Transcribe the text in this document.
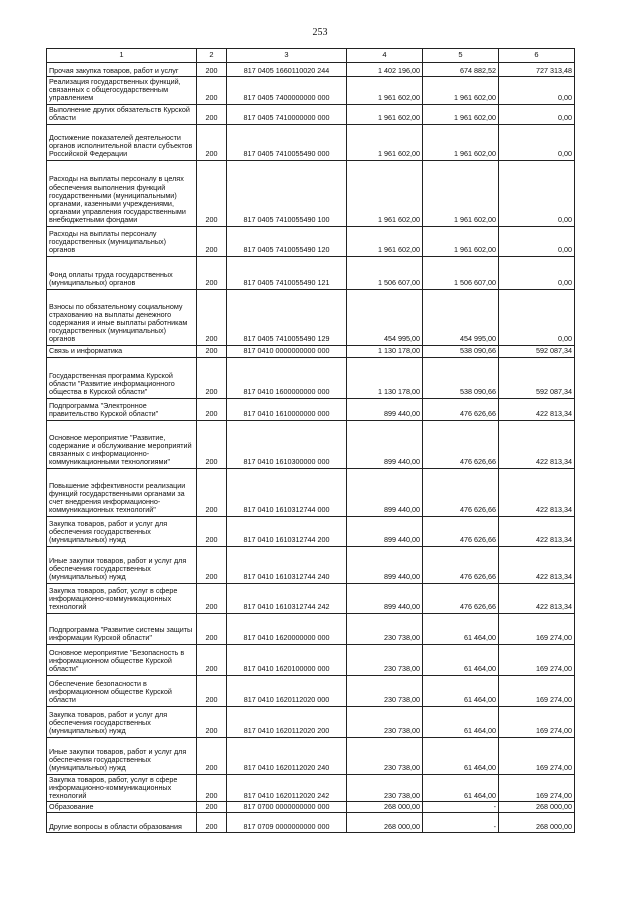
253
1	2	3	4	5	6
Прочая закупка товаров, работ и услуг	200	817 0405 1660110020 244	1 402 196,00	674 882,52	727 313,48
Реализация государственных функций, связанных с общегосударственным управлением	200	817 0405 7400000000 000	1 961 602,00	1 961 602,00	0,00
Выполнение других обязательств Курской области	200	817 0405 7410000000 000	1 961 602,00	1 961 602,00	0,00
Достижение показателей деятельности органов исполнительной власти субъектов Российской Федерации	200	817 0405 7410055490 000	1 961 602,00	1 961 602,00	0,00
Расходы на выплаты персоналу в целях обеспечения выполнения функций государственными (муниципальными) органами, казенными учреждениями, органами управления государственными внебюджетными фондами	200	817 0405 7410055490 100	1 961 602,00	1 961 602,00	0,00
Расходы на выплаты персоналу государственных (муниципальных) органов	200	817 0405 7410055490 120	1 961 602,00	1 961 602,00	0,00
Фонд оплаты труда государственных (муниципальных) органов	200	817 0405 7410055490 121	1 506 607,00	1 506 607,00	0,00
Взносы по обязательному социальному страхованию на выплаты денежного содержания и иные выплаты работникам государственных (муниципальных) органов	200	817 0405 7410055490 129	454 995,00	454 995,00	0,00
Связь и информатика	200	817 0410 0000000000 000	1 130 178,00	538 090,66	592 087,34
Государственная программа Курской области "Развитие информационного общества в Курской области"	200	817 0410 1600000000 000	1 130 178,00	538 090,66	592 087,34
Подпрограмма "Электронное правительство Курской области"	200	817 0410 1610000000 000	899 440,00	476 626,66	422 813,34
Основное мероприятие "Развитие, содержание и обслуживание мероприятий связанных с информационно-коммуникационными технологиями"	200	817 0410 1610300000 000	899 440,00	476 626,66	422 813,34
Повышение эффективности реализации функций государственными органами за счет внедрения информационно-коммуникационных технологий"	200	817 0410 1610312744 000	899 440,00	476 626,66	422 813,34
Закупка товаров, работ и услуг для обеспечения государственных (муниципальных) нужд	200	817 0410 1610312744 200	899 440,00	476 626,66	422 813,34
Иные закупки товаров, работ и услуг для обеспечения государственных (муниципальных) нужд	200	817 0410 1610312744 240	899 440,00	476 626,66	422 813,34
Закупка товаров, работ, услуг в сфере информационно-коммуникационных технологий	200	817 0410 1610312744 242	899 440,00	476 626,66	422 813,34
Подпрограмма "Развитие системы защиты информации Курской области"	200	817 0410 1620000000 000	230 738,00	61 464,00	169 274,00
Основное мероприятие "Безопасность в информационном обществе Курской области"	200	817 0410 1620100000 000	230 738,00	61 464,00	169 274,00
Обеспечение безопасности в информационном обществе Курской области	200	817 0410 1620112020 000	230 738,00	61 464,00	169 274,00
Закупка товаров, работ и услуг для обеспечения государственных (муниципальных) нужд	200	817 0410 1620112020 200	230 738,00	61 464,00	169 274,00
Иные закупки товаров, работ и услуг для обеспечения государственных (муниципальных) нужд	200	817 0410 1620112020 240	230 738,00	61 464,00	169 274,00
Закупка товаров, работ, услуг в сфере информационно-коммуникационных технологий	200	817 0410 1620112020 242	230 738,00	61 464,00	169 274,00
Образование	200	817 0700 0000000000 000	268 000,00	-	268 000,00
Другие вопросы в области образования	200	817 0709 0000000000 000	268 000,00	-	268 000,00
